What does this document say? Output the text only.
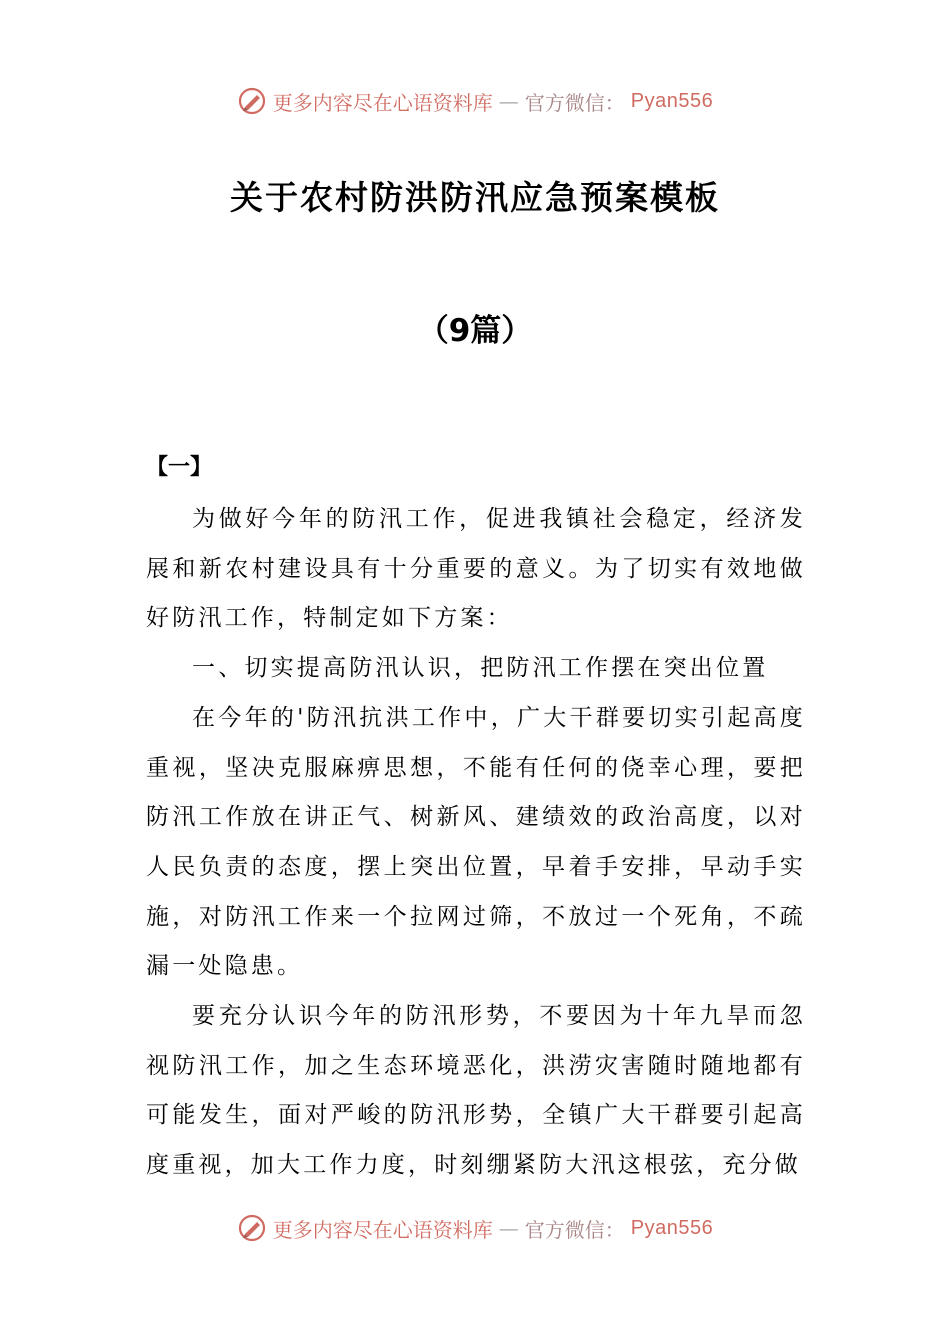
更多内容尽在心语资料库 — 官方微信： Pyan556
关于农村防洪防汛应急预案模板
（9篇）
【一】

为做好今年的防汛工作，促进我镇社会稳定，经济发展和新农村建设具有十分重要的意义。为了切实有效地做好防汛工作，特制定如下方案：

一、切实提高防汛认识，把防汛工作摆在突出位置

在今年的'防汛抗洪工作中，广大干群要切实引起高度重视，坚决克服麻痹思想，不能有任何的侥幸心理，要把防汛工作放在讲正气、树新风、建绩效的政治高度，以对人民负责的态度，摆上突出位置，早着手安排，早动手实施，对防汛工作来一个拉网过筛，不放过一个死角，不疏漏一处隐患。

要充分认识今年的防汛形势，不要因为十年九旱而忽视防汛工作，加之生态环境恶化，洪涝灾害随时随地都有可能发生，面对严峻的防汛形势，全镇广大干群要引起高度重视，加大工作力度，时刻绷紧防大汛这根弦，充分做

更多内容尽在心语资料库 — 官方微信： Pyan556
